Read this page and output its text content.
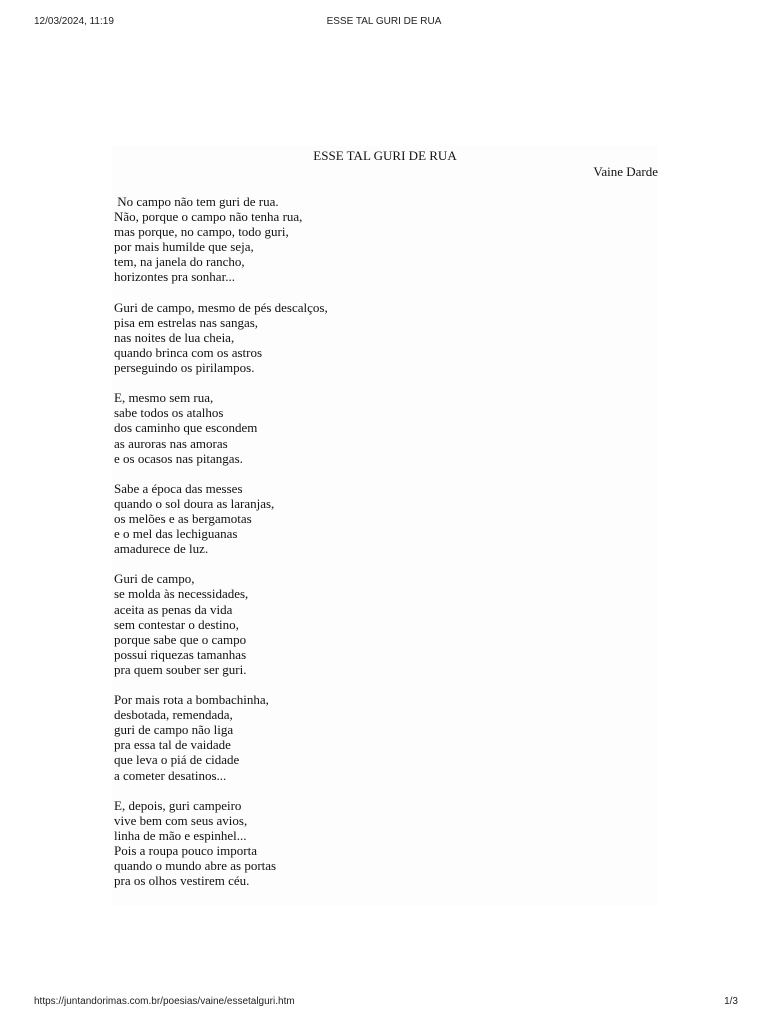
12/03/2024, 11:19	ESSE TAL GURI DE RUA
ESSE TAL GURI DE RUA
Vaine Darde
No campo não tem guri de rua.
Não, porque o campo não tenha rua,
mas porque, no campo, todo guri,
por mais humilde que seja,
tem, na janela do rancho,
horizontes pra sonhar...
Guri de campo, mesmo de pés descalços,
pisa em estrelas nas sangas,
nas noites de lua cheia,
quando brinca com os astros
perseguindo os pirilampos.
E, mesmo sem rua,
sabe todos os atalhos
dos caminho que escondem
as auroras nas amoras
e os ocasos nas pitangas.
Sabe a época das messes
quando o sol doura as laranjas,
os melões e as bergamotas
e o mel das lechiguanas
amadurece de luz.
Guri de campo,
se molda às necessidades,
aceita as penas da vida
sem contestar o destino,
porque sabe que o campo
possui riquezas tamanhas
pra quem souber ser guri.
Por mais rota a bombachinha,
desbotada, remendada,
guri de campo não liga
pra essa tal de vaidade
que leva o piá de cidade
a cometer desatinos...
E, depois, guri campeiro
vive bem com seus avios,
linha de mão e espinhel...
Pois a roupa pouco importa
quando o mundo abre as portas
pra os olhos vestirem céu.
https://juntandorimas.com.br/poesias/vaine/essetalguri.htm	1/3
